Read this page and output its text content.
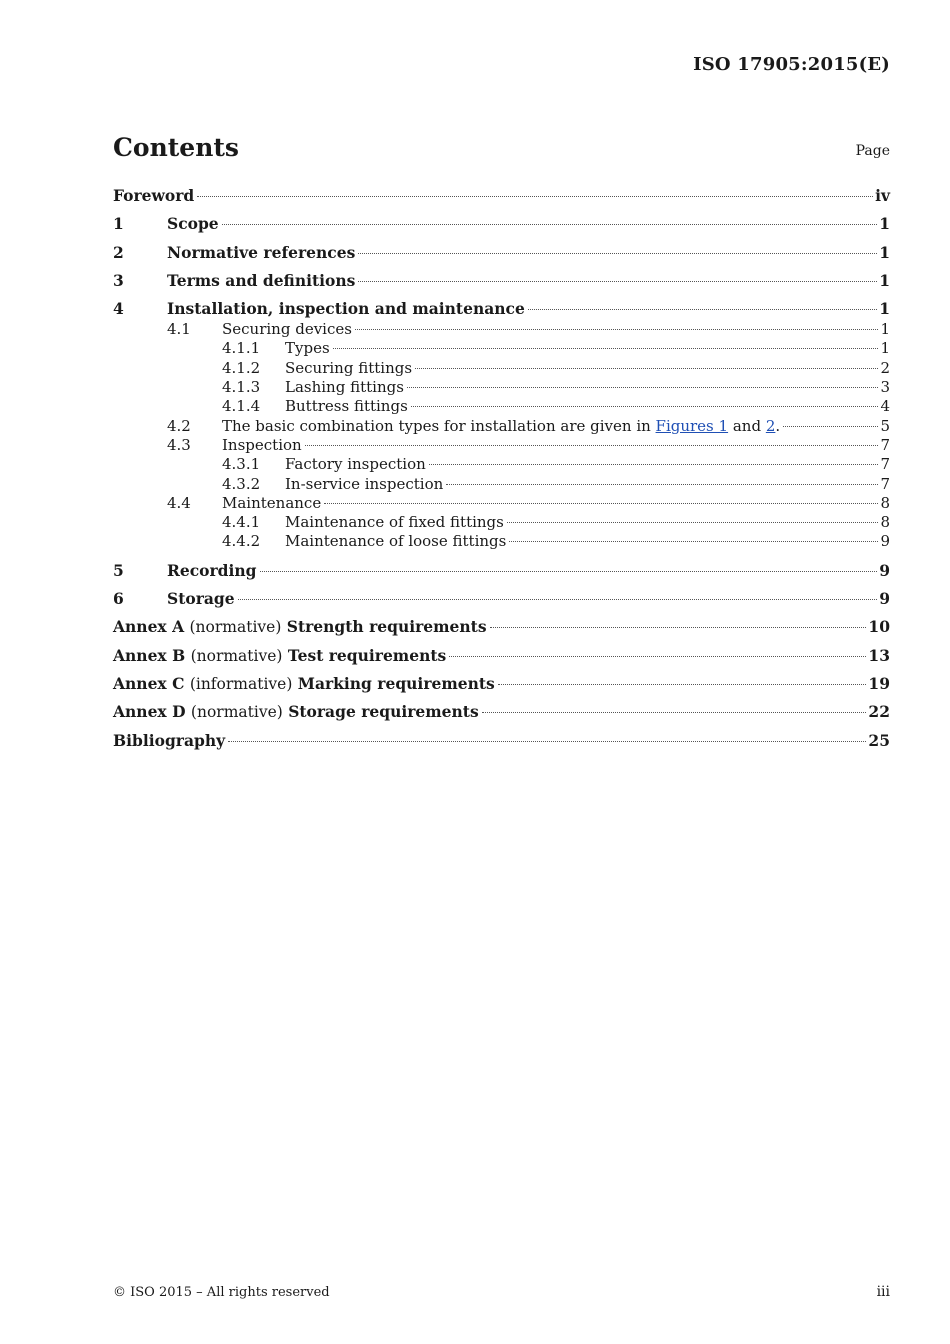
ISO 17905:2015(E)
Contents	Page
Foreword	iv
1	Scope	1
2	Normative references	1
3	Terms and definitions	1
4	Installation, inspection and maintenance	1
4.1	Securing devices	1
4.1.1	Types	1
4.1.2	Securing fittings	2
4.1.3	Lashing fittings	3
4.1.4	Buttress fittings	4
4.2	The basic combination types for installation are given in Figures 1 and 2.	5
4.3	Inspection	7
4.3.1	Factory inspection	7
4.3.2	In-service inspection	7
4.4	Maintenance	8
4.4.1	Maintenance of fixed fittings	8
4.4.2	Maintenance of loose fittings	9
5	Recording	9
6	Storage	9
Annex A (normative) Strength requirements	10
Annex B (normative) Test requirements	13
Annex C (informative) Marking requirements	19
Annex D (normative) Storage requirements	22
Bibliography	25
© ISO 2015 – All rights reserved	iii
